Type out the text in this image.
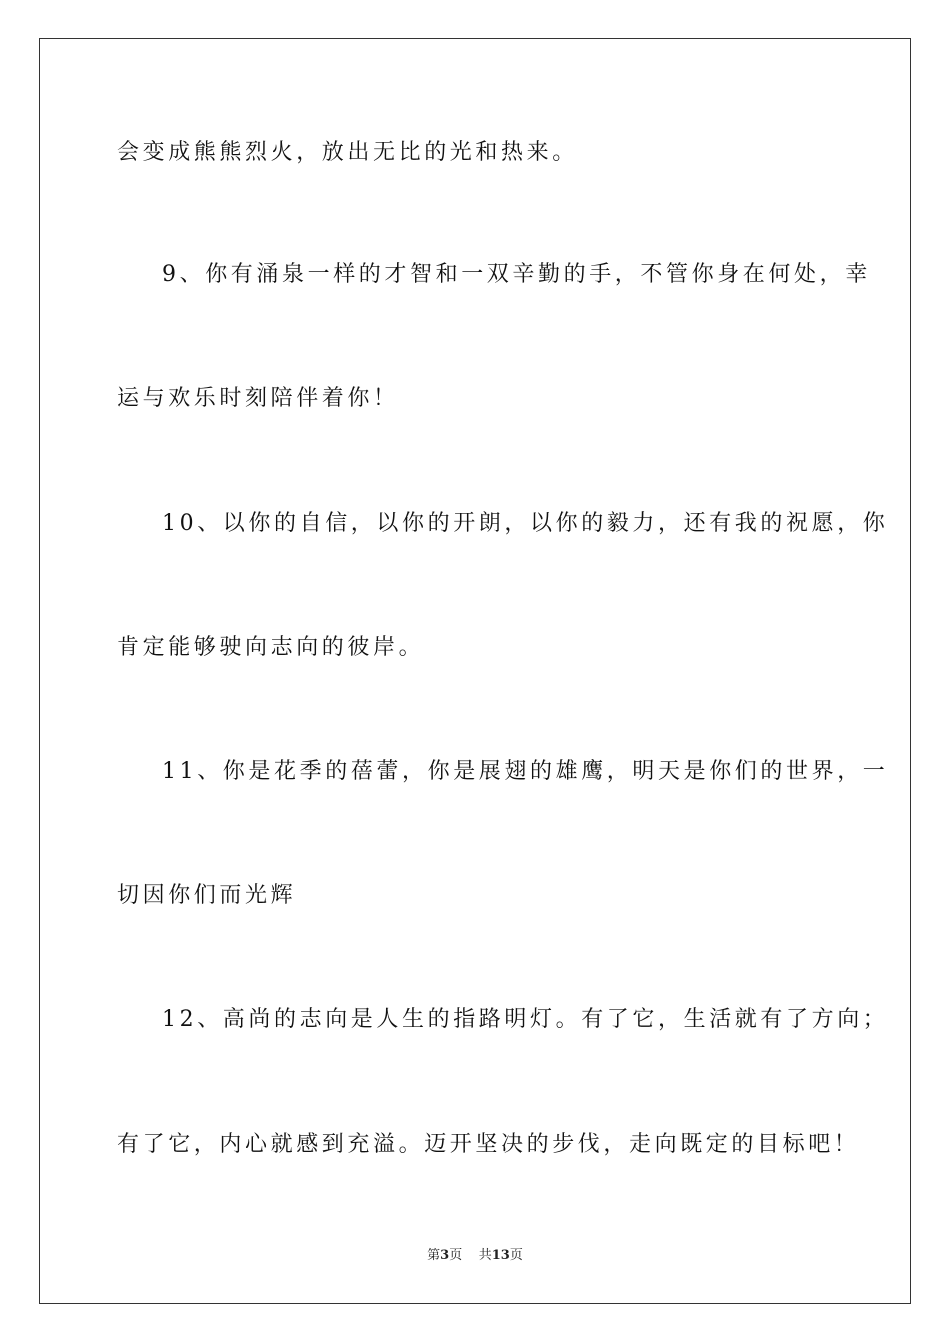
会变成熊熊烈火，放出无比的光和热来。
9、你有涌泉一样的才智和一双辛勤的手，不管你身在何处，幸
运与欢乐时刻陪伴着你！
10、以你的自信，以你的开朗，以你的毅力，还有我的祝愿，你
肯定能够驶向志向的彼岸。
11、你是花季的蓓蕾，你是展翅的雄鹰，明天是你们的世界，一
切因你们而光辉
12、高尚的志向是人生的指路明灯。有了它，生活就有了方向；
有了它，内心就感到充溢。迈开坚决的步伐，走向既定的目标吧！
第3页 共13页
